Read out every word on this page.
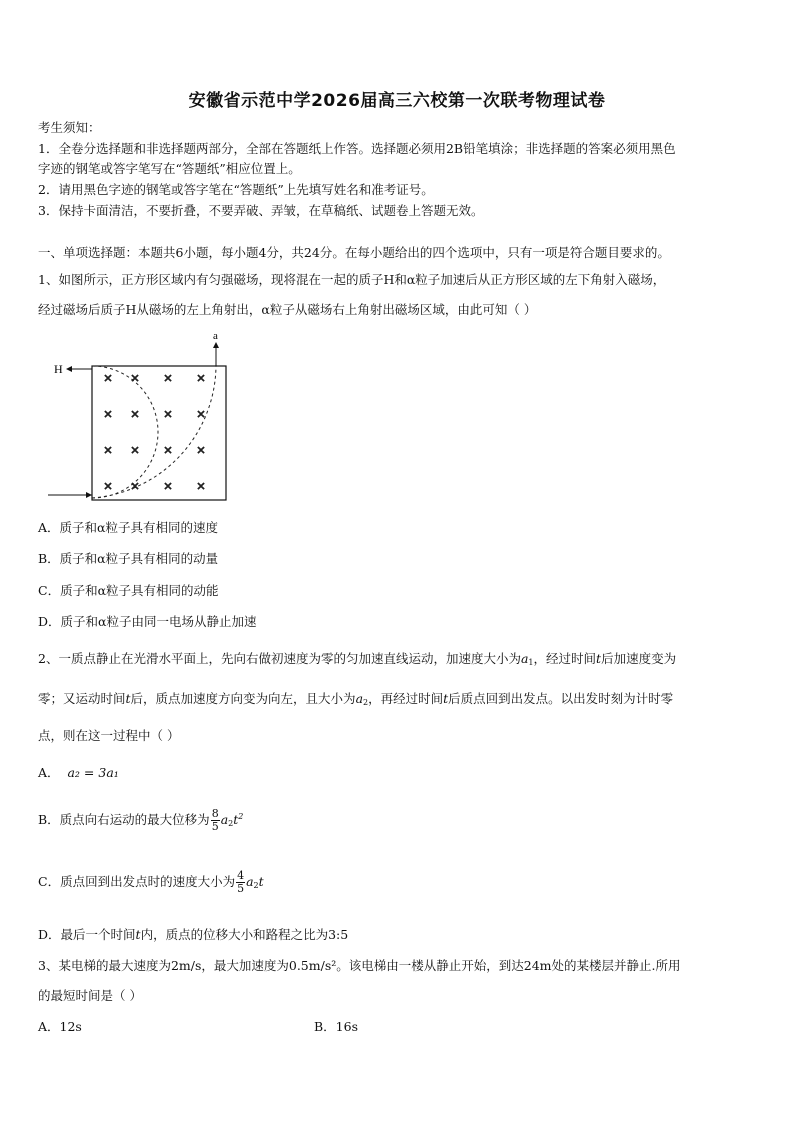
安徽省示范中学2026届高三六校第一次联考物理试卷
考生须知：
1．全卷分选择题和非选择题两部分，全部在答题纸上作答。选择题必须用2B铅笔填涂；非选择题的答案必须用黑色
字迹的钢笔或答字笔写在“答题纸”相应位置上。
2．请用黑色字迹的钢笔或答字笔在“答题纸”上先填写姓名和准考证号。
3．保持卡面清洁，不要折叠，不要弄破、弄皱，在草稿纸、试题卷上答题无效。
一、单项选择题：本题共6小题，每小题4分，共24分。在每小题给出的四个选项中，只有一项是符合题目要求的。
1、如图所示，正方形区域内有匀强磁场，现将混在一起的质子H和α粒子加速后从正方形区域的左下角射入磁场，
经过磁场后质子H从磁场的左上角射出，α粒子从磁场右上角射出磁场区域，由此可知（ ）
× × × ×
× × × ×
× × × ×
× × × ×
H
a
A．质子和α粒子具有相同的速度
B．质子和α粒子具有相同的动量
C．质子和α粒子具有相同的动能
D．质子和α粒子由同一电场从静止加速
2、一质点静止在光滑水平面上，先向右做初速度为零的匀加速直线运动，加速度大小为$a_1$，经过时间t后加速度变为
零；又运动时间t后，质点加速度方向变为向左，且大小为$a_2$，再经过时间t后质点回到出发点。以出发时刻为计时零
点，则在这一过程中（ ）
A． a₂ = 3a₁
B．质点向右运动的最大位移为 $\frac{8}{5} a_2t^2$
C．质点回到出发点时的速度大小为 $\frac{4}{5} a_2t$
D．最后一个时间t内，质点的位移大小和路程之比为3:5
3、某电梯的最大速度为2m/s，最大加速度为0.5m/s²。该电梯由一楼从静止开始，到达24m处的某楼层并静止.所用
的最短时间是（ ）
A．12s	B．16s
